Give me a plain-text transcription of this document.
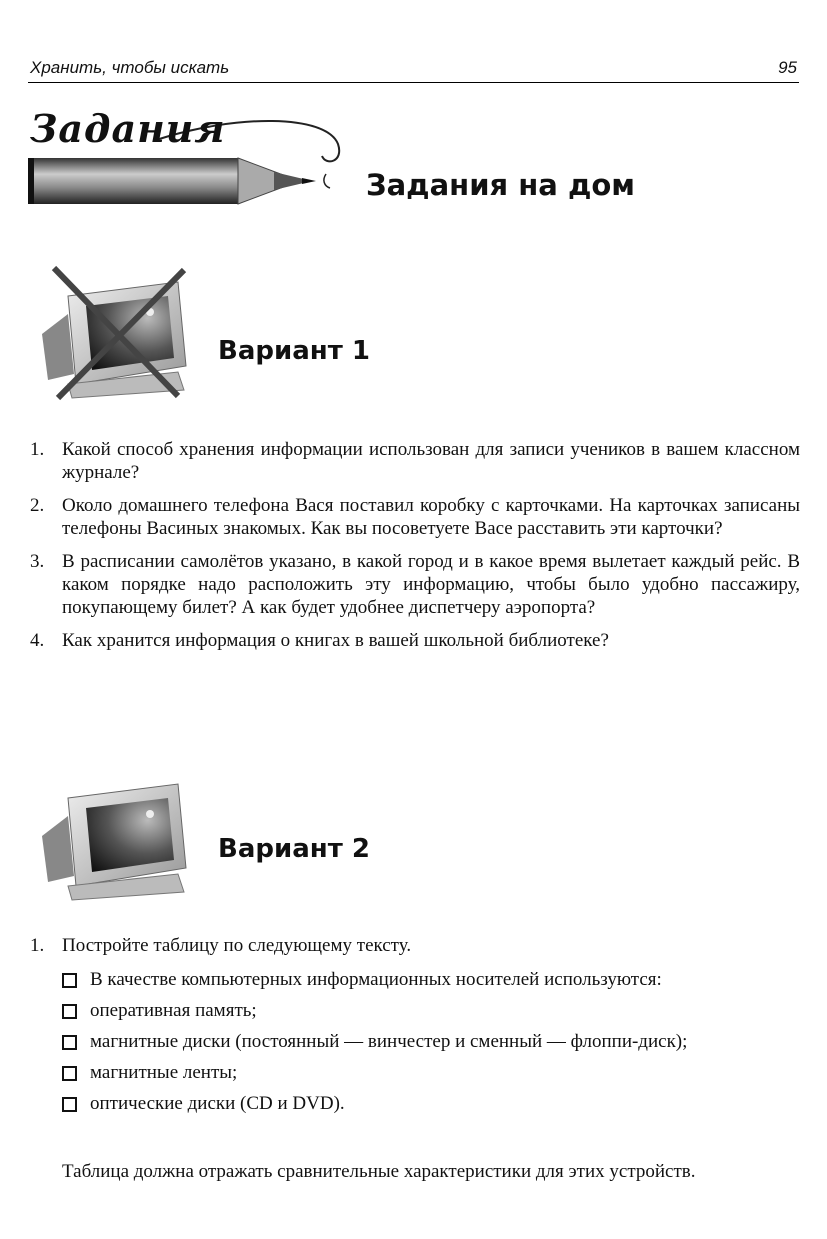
Хранить, чтобы искать	95
Задания
Задания на дом
Вариант 1
1. Какой способ хранения информации использован для записи учеников в вашем классном журнале?
2. Около домашнего телефона Вася поставил коробку с карточками. На карточках записаны телефоны Васиных знакомых. Как вы посоветуете Васе расставить эти карточки?
3. В расписании самолётов указано, в какой город и в какое время вылетает каждый рейс. В каком порядке надо расположить эту информацию, чтобы было удобно пассажиру, покупающему билет? А как будет удобнее диспетчеру аэропорта?
4. Как хранится информация о книгах в вашей школьной библиотеке?
Вариант 2
1. Постройте таблицу по следующему тексту.
В качестве компьютерных информационных носителей используются:
оперативная память;
магнитные диски (постоянный — винчестер и сменный — флоппи-диск);
магнитные ленты;
оптические диски (CD и DVD).
Таблица должна отражать сравнительные характеристики для этих устройств.
